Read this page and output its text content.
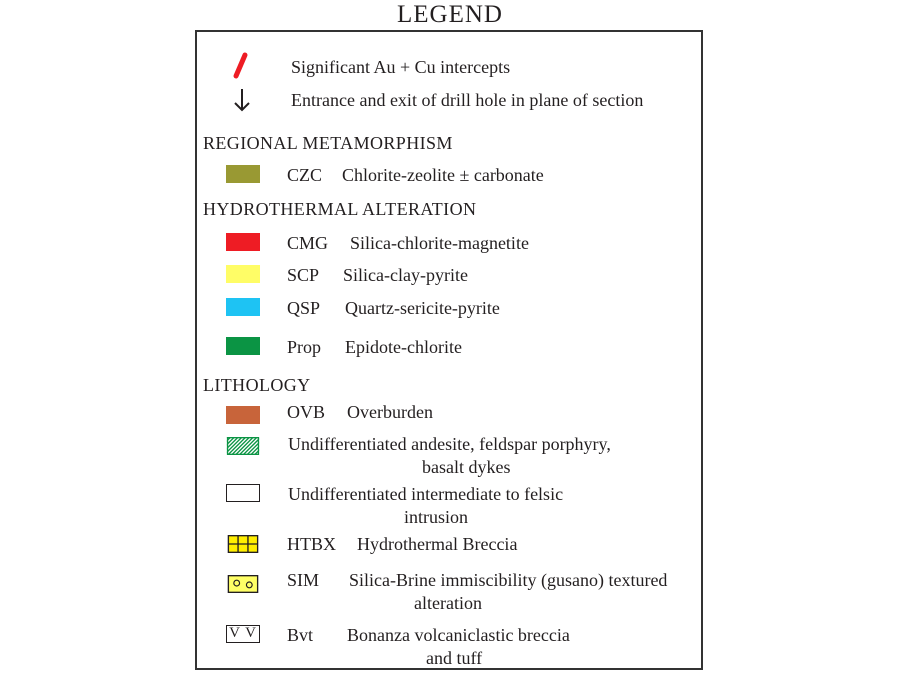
LEGEND
Significant Au + Cu intercepts
Entrance and exit of drill hole in plane of section
REGIONAL METAMORPHISM
CZC Chlorite-zeolite ± carbonate
HYDROTHERMAL ALTERATION
CMG Silica-chlorite-magnetite
SCP Silica-clay-pyrite
QSP Quartz-sericite-pyrite
Prop Epidote-chlorite
LITHOLOGY
OVB Overburden
Undifferentiated andesite, feldspar porphyry,
basalt dykes
Undifferentiated intermediate to felsic
intrusion
HTBX Hydrothermal Breccia
SIM Silica-Brine immiscibility (gusano) textured
alteration
V V Bvt Bonanza volcaniclastic breccia
and tuff
